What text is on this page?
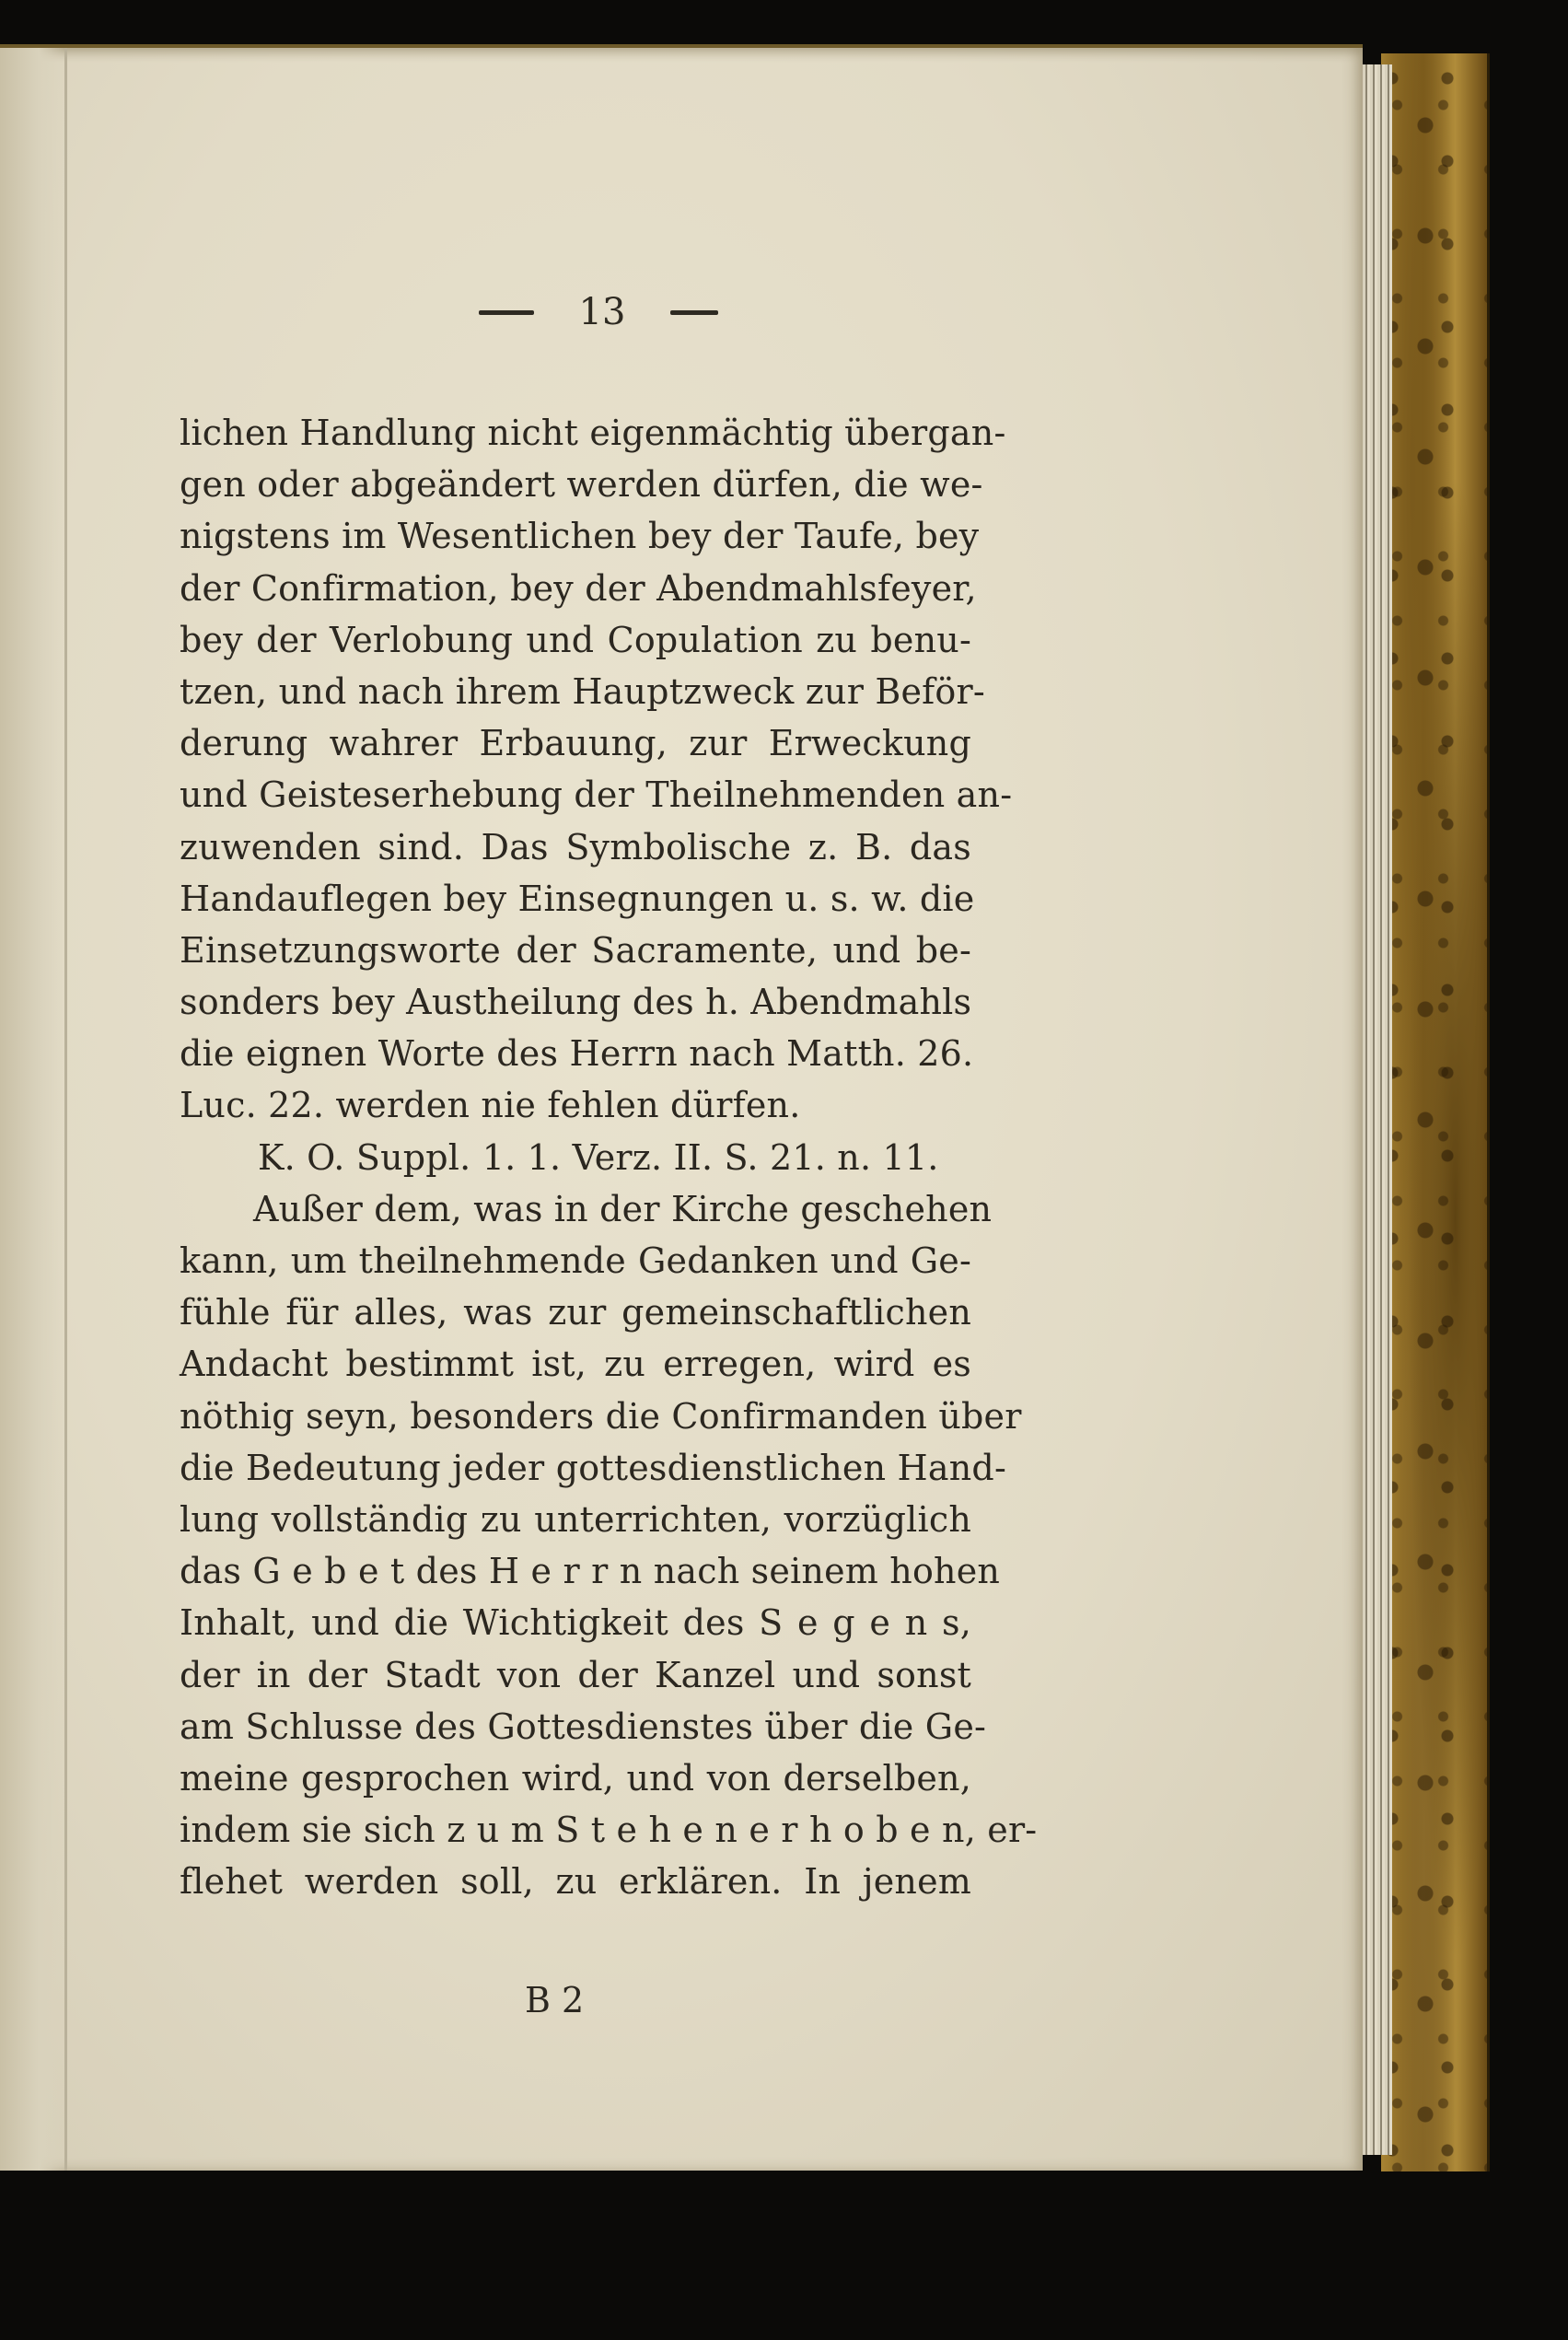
13
lichen Handlung nicht eigenmächtig übergan-
gen oder abgeändert werden dürfen, die we-
nigstens im Wesentlichen bey der Taufe, bey
der Confirmation, bey der Abendmahlsfeyer,
bey der Verlobung und Copulation zu benu-
tzen, und nach ihrem Hauptzweck zur Beför-
derung wahrer Erbauung, zur Erweckung
und Geisteserhebung der Theilnehmenden an-
zuwenden sind. Das Symbolische z. B. das
Handauflegen bey Einsegnungen u. s. w. die
Einsetzungsworte der Sacramente, und be-
sonders bey Austheilung des h. Abendmahls
die eignen Worte des Herrn nach Matth. 26.
Luc. 22. werden nie fehlen dürfen.
K. O. Suppl. 1. 1. Verz. II. S. 21. n. 11.
Außer dem, was in der Kirche geschehen
kann, um theilnehmende Gedanken und Ge-
fühle für alles, was zur gemeinschaftlichen
Andacht bestimmt ist, zu erregen, wird es
nöthig seyn, besonders die Confirmanden über
die Bedeutung jeder gottesdienstlichen Hand-
lung vollständig zu unterrichten, vorzüglich
das G e b e t des H e r r n nach seinem hohen
Inhalt, und die Wichtigkeit des S e g e n s,
der in der Stadt von der Kanzel und sonst
am Schlusse des Gottesdienstes über die Ge-
meine gesprochen wird, und von derselben,
indem sie sich z u m S t e h e n e r h o b e n, er-
flehet werden soll, zu erklären. In jenem
B 2
